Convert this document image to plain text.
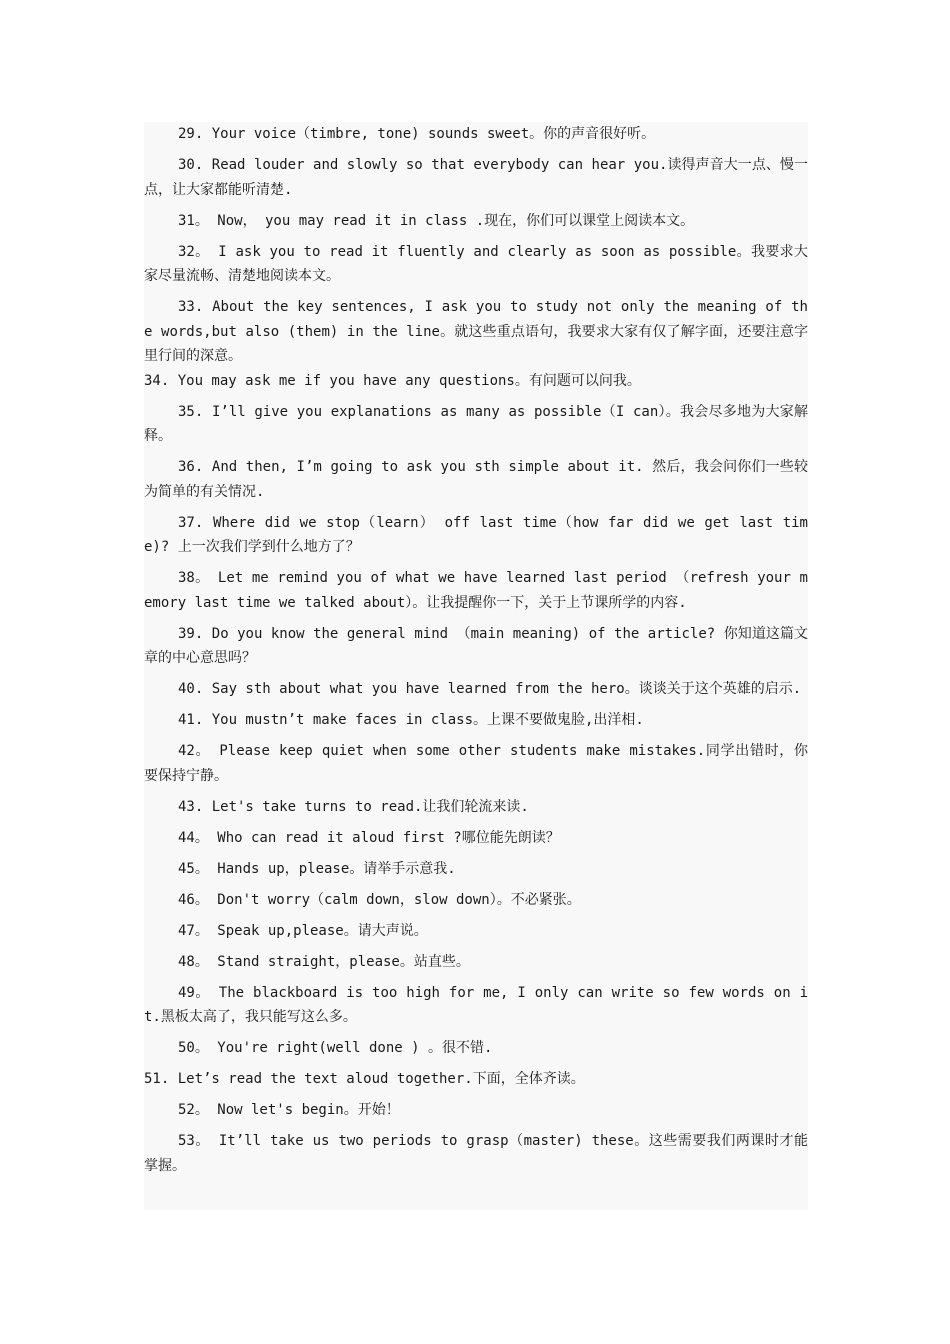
29. Your voice（timbre, tone) sounds sweet。你的声音很好听。

30. Read louder and slowly so that everybody can hear you.读得声音大一点、慢一点，让大家都能听清楚.

31。 Now， you may read it in class .现在，你们可以课堂上阅读本文。

32。 I ask you to read it fluently and clearly as soon as possible。我要求大家尽量流畅、清楚地阅读本文。

33. About the key sentences, I ask you to study not only the meaning of the words,but also (them) in the line。就这些重点语句，我要求大家有仅了解字面，还要注意字里行间的深意。

34. You may ask me if you have any questions。有问题可以问我。

35. I’ll give you explanations as many as possible（I can）。我会尽多地为大家解释。

36. And then, I’m going to ask you sth simple about it. 然后，我会问你们一些较为简单的有关情况.

37. Where did we stop（learn） off last time（how far did we get last time)? 上一次我们学到什么地方了？

38。 Let me remind you of what we have learned last period （refresh your memory last time we talked about）。让我提醒你一下，关于上节课所学的内容.

39. Do you know the general mind （main meaning) of the article? 你知道这篇文章的中心意思吗？

40. Say sth about what you have learned from the hero。谈谈关于这个英雄的启示.

41. You mustn’t make faces in class。上课不要做鬼脸,出洋相.

42。 Please keep quiet when some other students make mistakes.同学出错时，你要保持宁静。

43. Let's take turns to read.让我们轮流来读.

44。 Who can read it aloud first ?哪位能先朗读？

45。 Hands up，please。请举手示意我.

46。 Don't worry（calm down，slow down）。不必紧张。

47。 Speak up,please。请大声说。

48。 Stand straight，please。站直些。

49。 The blackboard is too high for me, I only can write so few words on it.黑板太高了，我只能写这么多。

50。 You're right(well done ) 。很不错.

51. Let’s read the text aloud together.下面，全体齐读。

52。 Now let's begin。开始！

53。 It’ll take us two periods to grasp（master) these。这些需要我们两课时才能掌握。
